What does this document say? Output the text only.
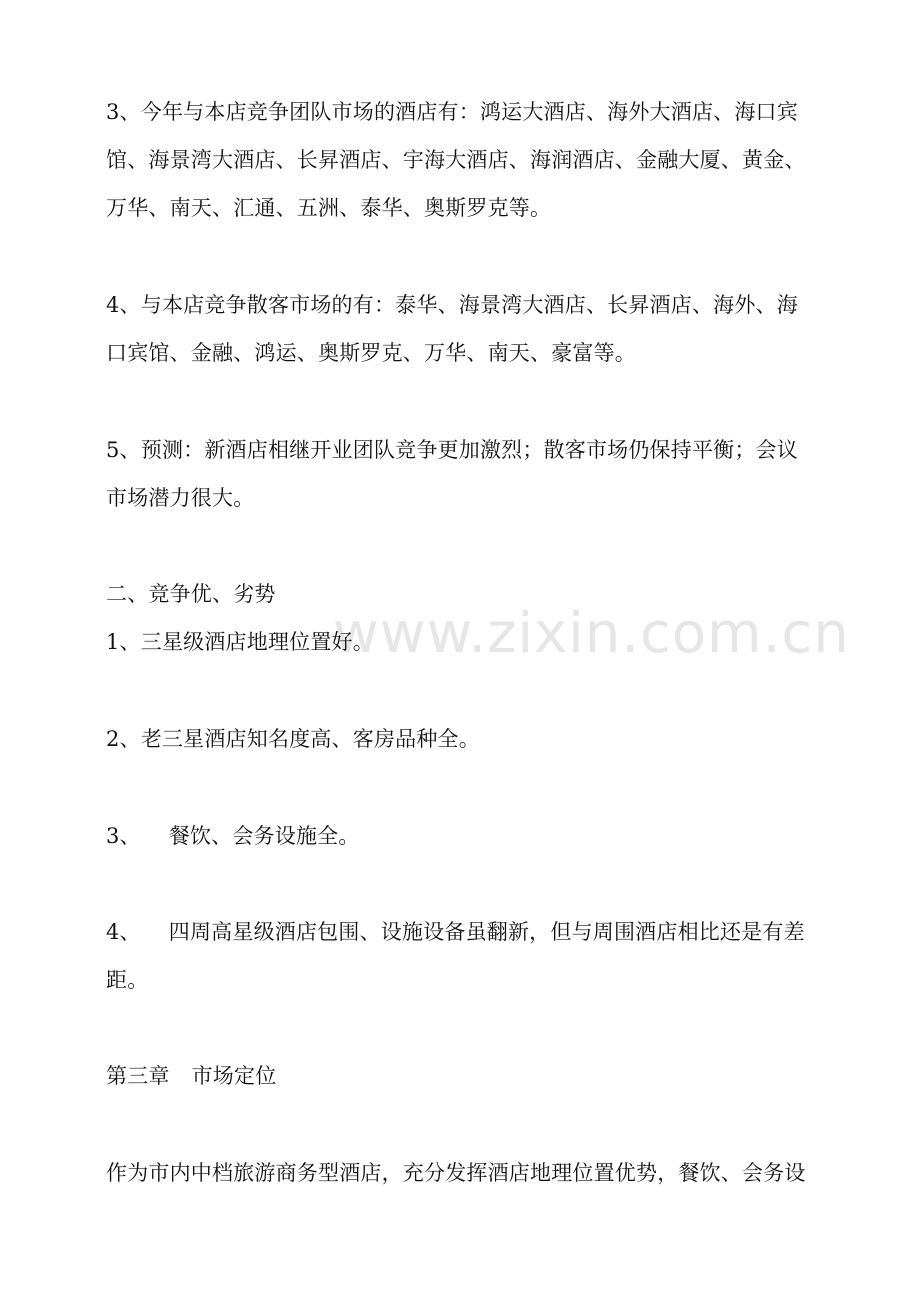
www.zixin.com.cn
3、今年与本店竞争团队市场的酒店有：鸿运大酒店、海外大酒店、海口宾
馆、海景湾大酒店、长昇酒店、宇海大酒店、海润酒店、金融大厦、黄金、
万华、南天、汇通、五洲、泰华、奥斯罗克等。
4、与本店竞争散客市场的有：泰华、海景湾大酒店、长昇酒店、海外、海
口宾馆、金融、鸿运、奥斯罗克、万华、南天、豪富等。
5、预测：新酒店相继开业团队竞争更加激烈；散客市场仍保持平衡；会议
市场潜力很大。
二、竞争优、劣势
1、三星级酒店地理位置好。
2、老三星酒店知名度高、客房品种全。
3、 餐饮、会务设施全。
4、 四周高星级酒店包围、设施设备虽翻新，但与周围酒店相比还是有差
距。
第三章 市场定位
作为市内中档旅游商务型酒店，充分发挥酒店地理位置优势，餐饮、会务设
